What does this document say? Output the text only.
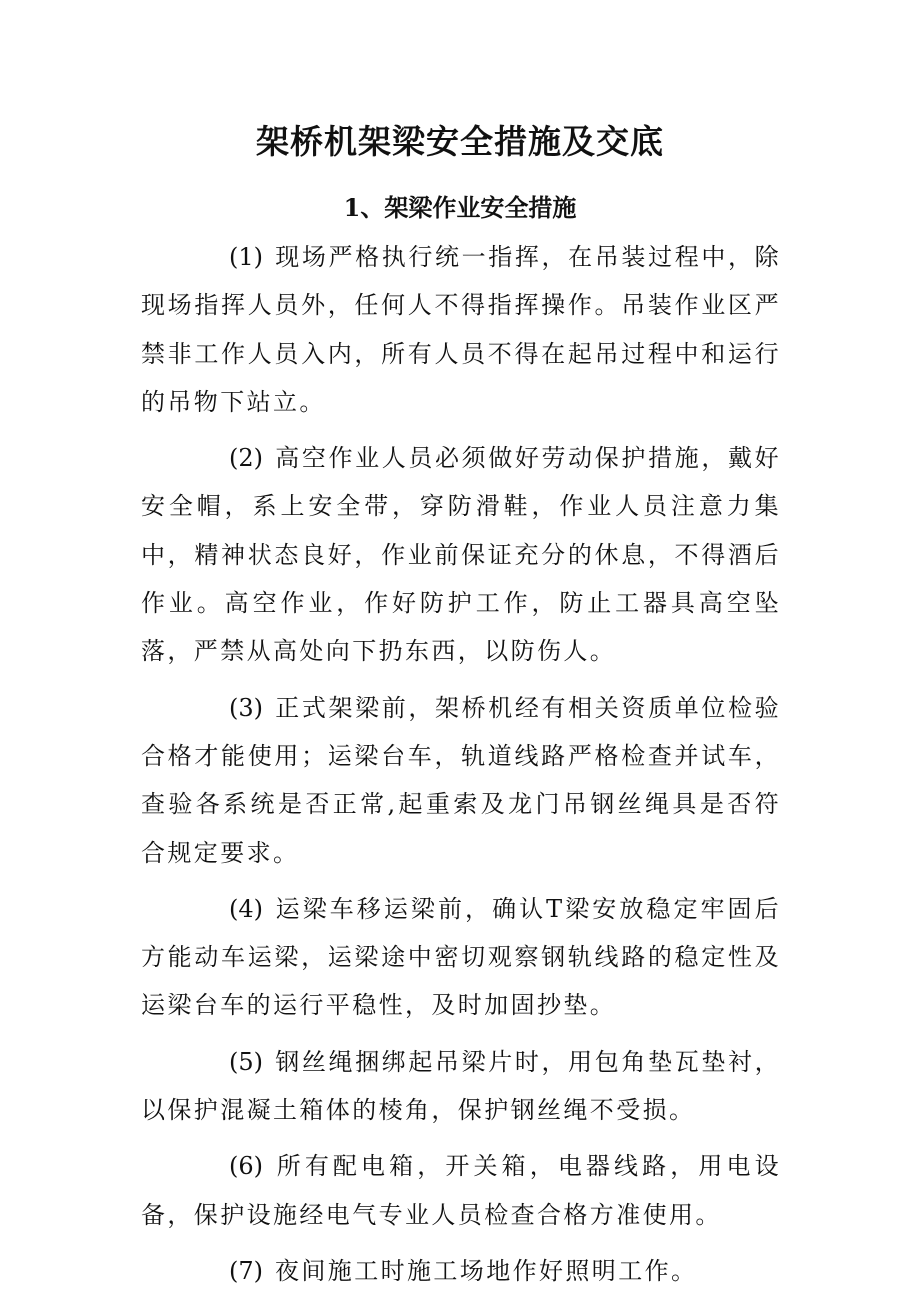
架桥机架梁安全措施及交底
1、架梁作业安全措施

(1) 现场严格执行统一指挥，在吊装过程中，除现场指挥人员外，任何人不得指挥操作。吊装作业区严禁非工作人员入内，所有人员不得在起吊过程中和运行的吊物下站立。

(2) 高空作业人员必须做好劳动保护措施，戴好安全帽，系上安全带，穿防滑鞋，作业人员注意力集中，精神状态良好，作业前保证充分的休息，不得酒后作业。高空作业，作好防护工作，防止工器具高空坠落，严禁从高处向下扔东西，以防伤人。

(3) 正式架梁前，架桥机经有相关资质单位检验合格才能使用；运梁台车，轨道线路严格检查并试车，查验各系统是否正常,起重索及龙门吊钢丝绳具是否符合规定要求。

(4) 运梁车移运梁前，确认T梁安放稳定牢固后方能动车运梁，运梁途中密切观察钢轨线路的稳定性及运梁台车的运行平稳性，及时加固抄垫。

(5) 钢丝绳捆绑起吊梁片时，用包角垫瓦垫衬，以保护混凝土箱体的棱角，保护钢丝绳不受损。

(6) 所有配电箱，开关箱，电器线路，用电设备，保护设施经电气专业人员检查合格方准使用。

(7) 夜间施工时施工场地作好照明工作。
